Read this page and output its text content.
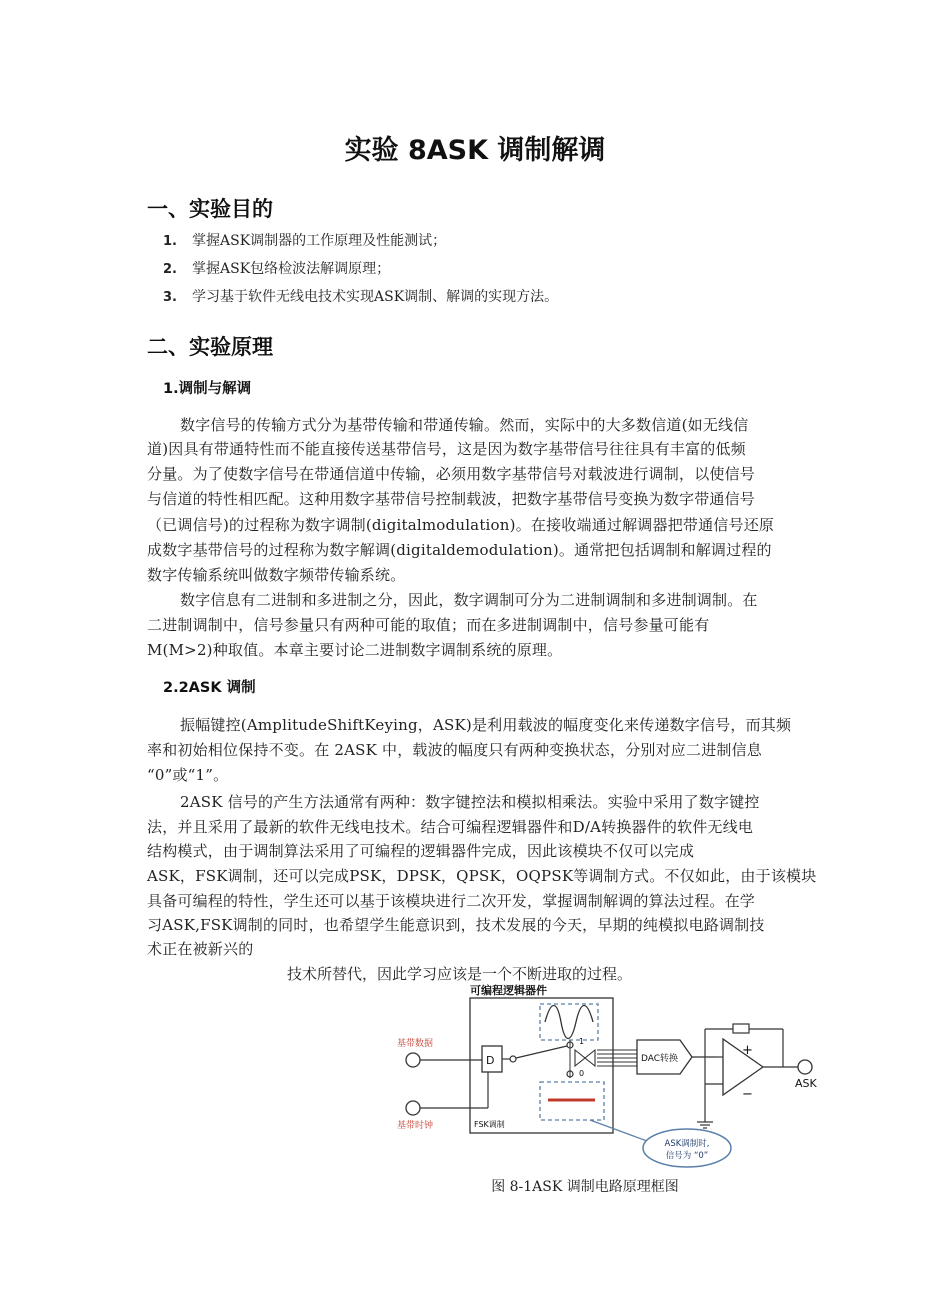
实验 8ASK 调制解调
一、实验目的
1. 掌握ASK调制器的工作原理及性能测试；
2. 掌握ASK包络检波法解调原理；
3. 学习基于软件无线电技术实现ASK调制、解调的实现方法。
二、实验原理
1.调制与解调
数字信号的传输方式分为基带传输和带通传输。然而，实际中的大多数信道(如无线信
道)因具有带通特性而不能直接传送基带信号，这是因为数字基带信号往往具有丰富的低频
分量。为了使数字信号在带通信道中传输，必须用数字基带信号对载波进行调制，以使信号
与信道的特性相匹配。这种用数字基带信号控制载波，把数字基带信号变换为数字带通信号
（已调信号)的过程称为数字调制(digitalmodulation)。在接收端通过解调器把带通信号还原
成数字基带信号的过程称为数字解调(digitaldemodulation)。通常把包括调制和解调过程的
数字传输系统叫做数字频带传输系统。
数字信息有二进制和多进制之分，因此，数字调制可分为二进制调制和多进制调制。在
二进制调制中，信号参量只有两种可能的取值；而在多进制调制中，信号参量可能有
M(M>2)种取值。本章主要讨论二进制数字调制系统的原理。
2.2ASK 调制
振幅键控(AmplitudeShiftKeying，ASK)是利用载波的幅度变化来传递数字信号，而其频
率和初始相位保持不变。在 2ASK 中，载波的幅度只有两种变换状态，分别对应二进制信息
“0”或“1”。
2ASK 信号的产生方法通常有两种：数字键控法和模拟相乘法。实验中采用了数字键控
法，并且采用了最新的软件无线电技术。结合可编程逻辑器件和D/A转换器件的软件无线电
结构模式，由于调制算法采用了可编程的逻辑器件完成，因此该模块不仅可以完成
ASK，FSK调制，还可以完成PSK，DPSK，QPSK，OQPSK等调制方式。不仅如此，由于该模块
具备可编程的特性，学生还可以基于该模块进行二次开发，掌握调制解调的算法过程。在学
习ASK,FSK调制的同时，也希望学生能意识到，技术发展的今天，早期的纯模拟电路调制技
术正在被新兴的
技术所替代，因此学习应该是一个不断进取的过程。
可编程逻辑器件
基带数据
基带时钟
D
1
0
DAC转换
+
−
ASK
FSK调制
ASK调制时,
信号为 “0”
图 8-1ASK 调制电路原理框图
